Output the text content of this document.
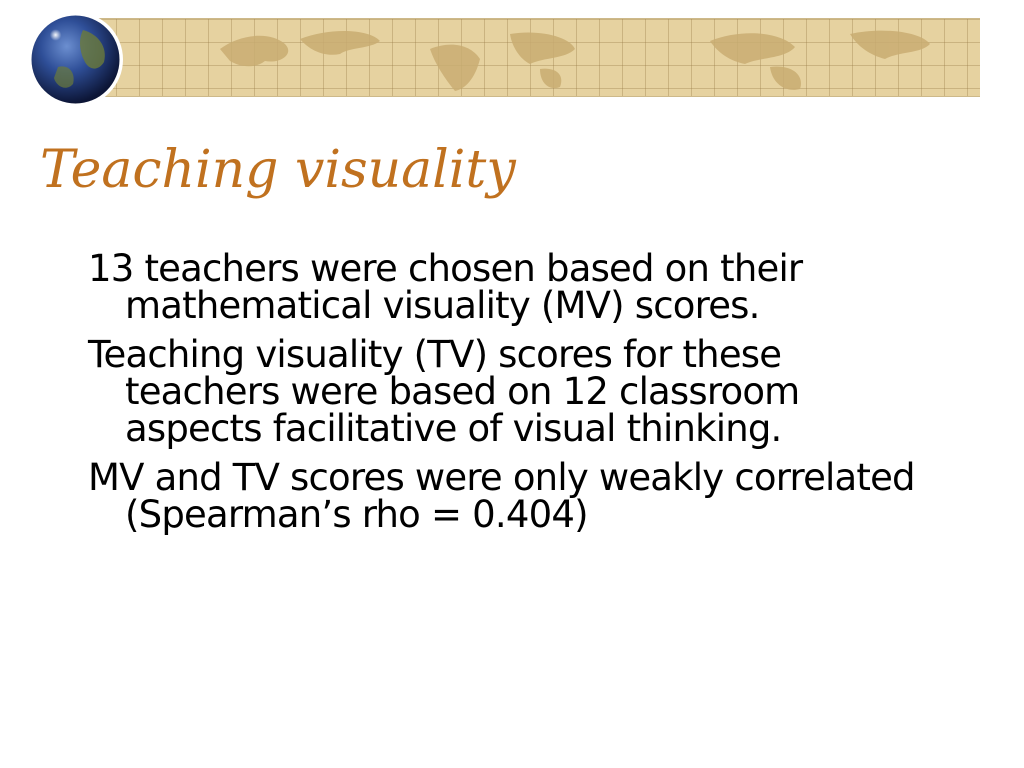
Teaching visuality

13 teachers were chosen based on their mathematical visuality (MV) scores.

Teaching visuality (TV) scores for these teachers were based on 12 classroom aspects facilitative of visual thinking.

MV and TV scores were only weakly correlated (Spearman’s rho = 0.404)
